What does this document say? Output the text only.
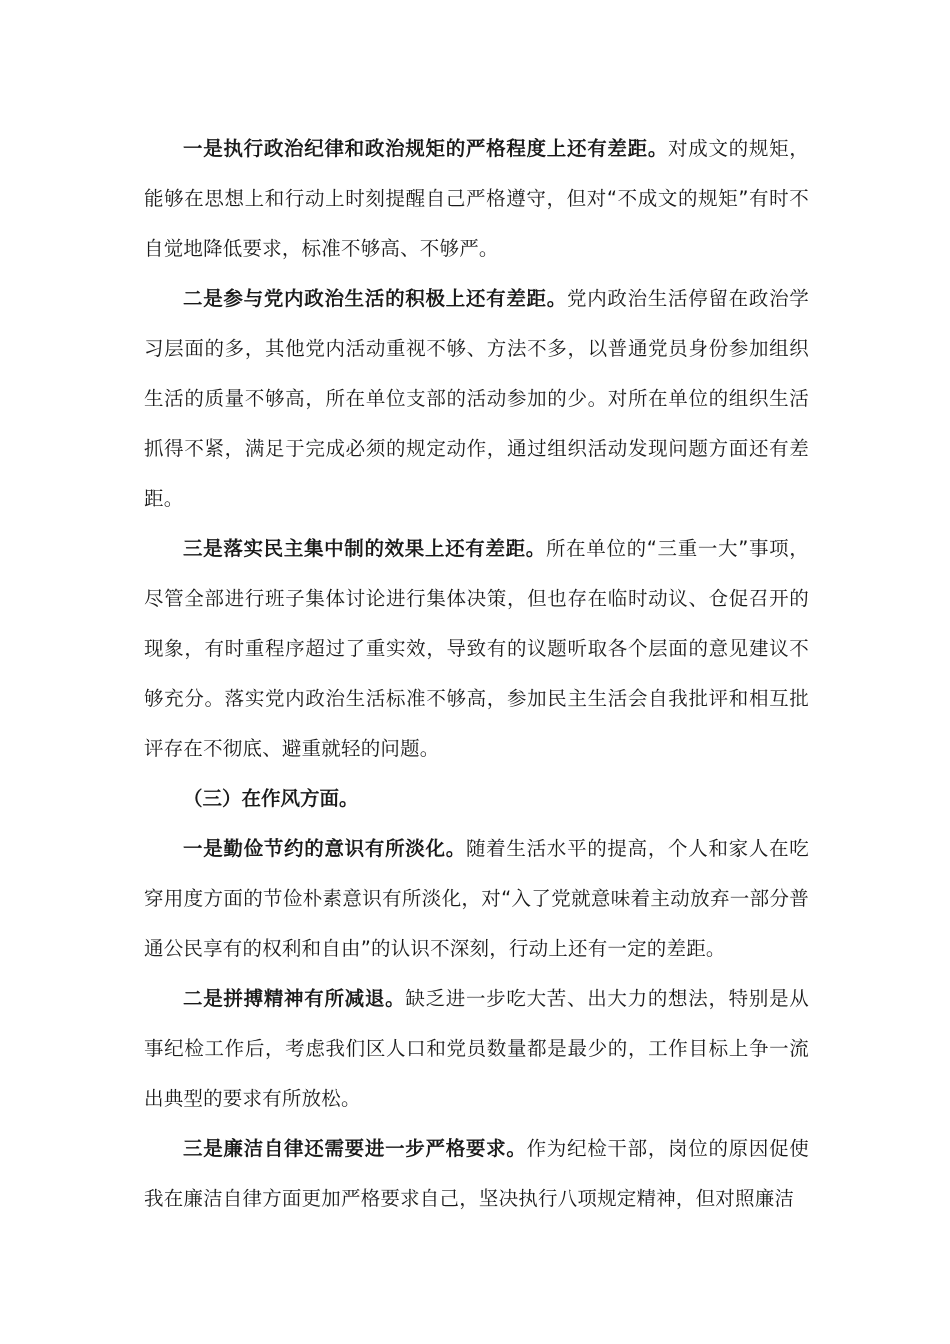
一是执行政治纪律和政治规矩的严格程度上还有差距。对成文的规矩，能够在思想上和行动上时刻提醒自己严格遵守，但对“不成文的规矩”有时不自觉地降低要求，标准不够高、不够严。

二是参与党内政治生活的积极上还有差距。党内政治生活停留在政治学习层面的多，其他党内活动重视不够、方法不多，以普通党员身份参加组织生活的质量不够高，所在单位支部的活动参加的少。对所在单位的组织生活抓得不紧，满足于完成必须的规定动作，通过组织活动发现问题方面还有差距。

三是落实民主集中制的效果上还有差距。所在单位的“三重一大”事项，尽管全部进行班子集体讨论进行集体决策，但也存在临时动议、仓促召开的现象，有时重程序超过了重实效，导致有的议题听取各个层面的意见建议不够充分。落实党内政治生活标准不够高，参加民主生活会自我批评和相互批评存在不彻底、避重就轻的问题。

（三）在作风方面。

一是勤俭节约的意识有所淡化。随着生活水平的提高，个人和家人在吃穿用度方面的节俭朴素意识有所淡化，对“入了党就意味着主动放弃一部分普通公民享有的权利和自由”的认识不深刻，行动上还有一定的差距。

二是拼搏精神有所减退。缺乏进一步吃大苦、出大力的想法，特别是从事纪检工作后，考虑我们区人口和党员数量都是最少的，工作目标上争一流出典型的要求有所放松。

三是廉洁自律还需要进一步严格要求。作为纪检干部，岗位的原因促使我在廉洁自律方面更加严格要求自己，坚决执行八项规定精神，但对照廉洁
